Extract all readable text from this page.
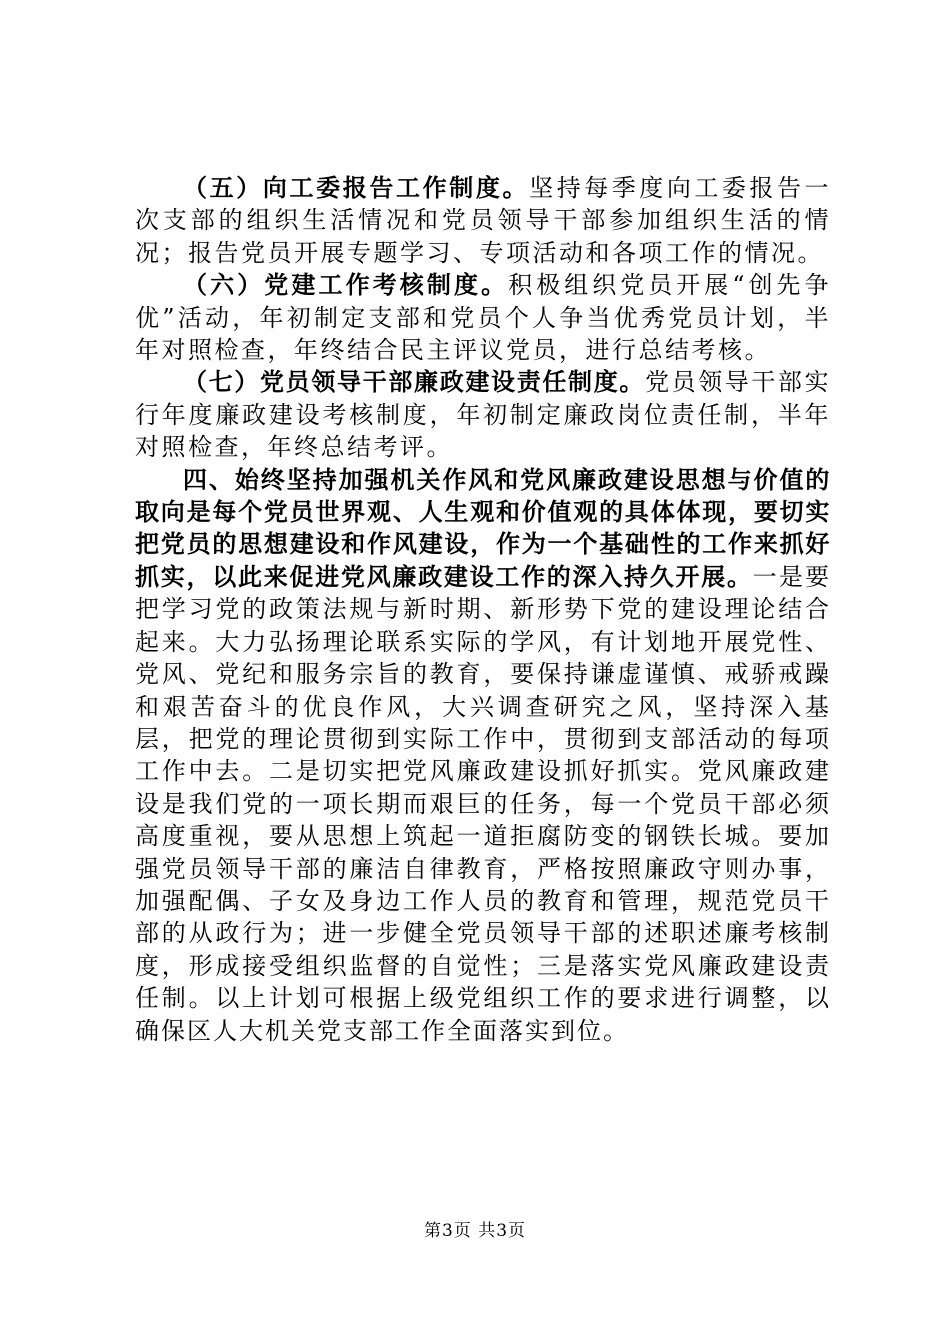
（五）向工委报告工作制度。坚持每季度向工委报告一次支部的组织生活情况和党员领导干部参加组织生活的情况；报告党员开展专题学习、专项活动和各项工作的情况。

（六）党建工作考核制度。积极组织党员开展“创先争优”活动，年初制定支部和党员个人争当优秀党员计划，半年对照检查，年终结合民主评议党员，进行总结考核。

（七）党员领导干部廉政建设责任制度。党员领导干部实行年度廉政建设考核制度，年初制定廉政岗位责任制，半年对照检查，年终总结考评。

四、始终坚持加强机关作风和党风廉政建设思想与价值的取向是每个党员世界观、人生观和价值观的具体体现，要切实把党员的思想建设和作风建设，作为一个基础性的工作来抓好抓实，以此来促进党风廉政建设工作的深入持久开展。一是要把学习党的政策法规与新时期、新形势下党的建设理论结合起来。大力弘扬理论联系实际的学风，有计划地开展党性、党风、党纪和服务宗旨的教育，要保持谦虚谨慎、戒骄戒躁和艰苦奋斗的优良作风，大兴调查研究之风，坚持深入基层，把党的理论贯彻到实际工作中，贯彻到支部活动的每项工作中去。二是切实把党风廉政建设抓好抓实。党风廉政建设是我们党的一项长期而艰巨的任务，每一个党员干部必须高度重视，要从思想上筑起一道拒腐防变的钢铁长城。要加强党员领导干部的廉洁自律教育，严格按照廉政守则办事，加强配偶、子女及身边工作人员的教育和管理，规范党员干部的从政行为；进一步健全党员领导干部的述职述廉考核制度，形成接受组织监督的自觉性；三是落实党风廉政建设责任制。以上计划可根据上级党组织工作的要求进行调整，以确保区人大机关党支部工作全面落实到位。

第3页 共3页
